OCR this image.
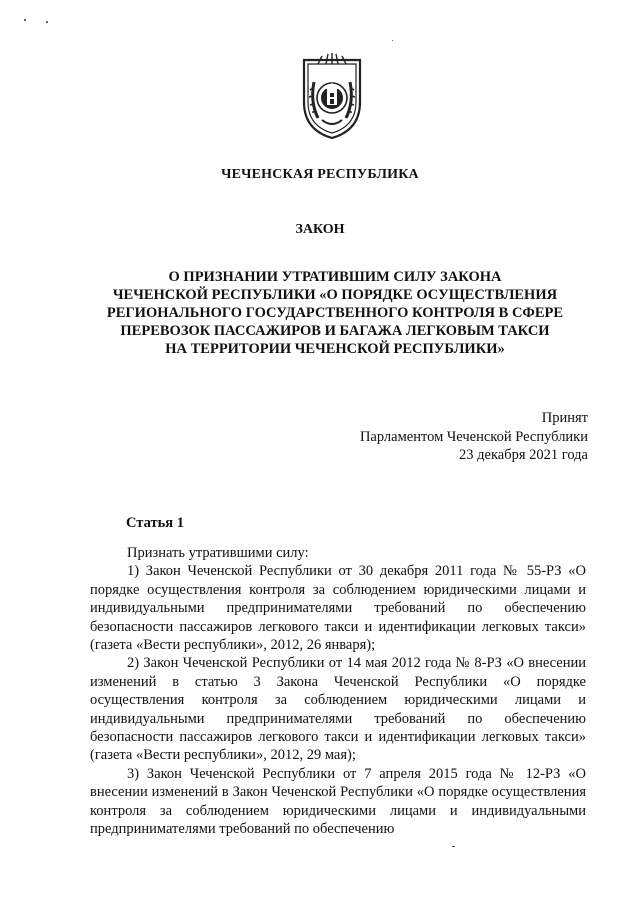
ЧЕЧЕНСКАЯ РЕСПУБЛИКА
ЗАКОН
О ПРИЗНАНИИ УТРАТИВШИМ СИЛУ ЗАКОНА
ЧЕЧЕНСКОЙ РЕСПУБЛИКИ «О ПОРЯДКЕ ОСУЩЕСТВЛЕНИЯ
РЕГИОНАЛЬНОГО ГОСУДАРСТВЕННОГО КОНТРОЛЯ В СФЕРЕ
ПЕРЕВОЗОК ПАССАЖИРОВ И БАГАЖА ЛЕГКОВЫМ ТАКСИ
НА ТЕРРИТОРИИ ЧЕЧЕНСКОЙ РЕСПУБЛИКИ»
Принят
Парламентом Чеченской Республики
23 декабря 2021 года
Статья 1

Признать утратившими силу:

1) Закон Чеченской Республики от 30 декабря 2011 года № 55-РЗ «О порядке осуществления контроля за соблюдением юридическими лицами и индивидуальными предпринимателями требований по обеспечению безопасности пассажиров легкового такси и идентификации легковых такси» (газета «Вести республики», 2012, 26 января);

2) Закон Чеченской Республики от 14 мая 2012 года № 8-РЗ «О внесении изменений в статью 3 Закона Чеченской Республики «О порядке осуществления контроля за соблюдением юридическими лицами и индивидуальными предпринимателями требований по обеспечению безопасности пассажиров легкового такси и идентификации легковых такси» (газета «Вести республики», 2012, 29 мая);

3) Закон Чеченской Республики от 7 апреля 2015 года № 12-РЗ «О внесении изменений в Закон Чеченской Республики «О порядке осуществления контроля за соблюдением юридическими лицами и индивидуальными предпринимателями требований по обеспечению
